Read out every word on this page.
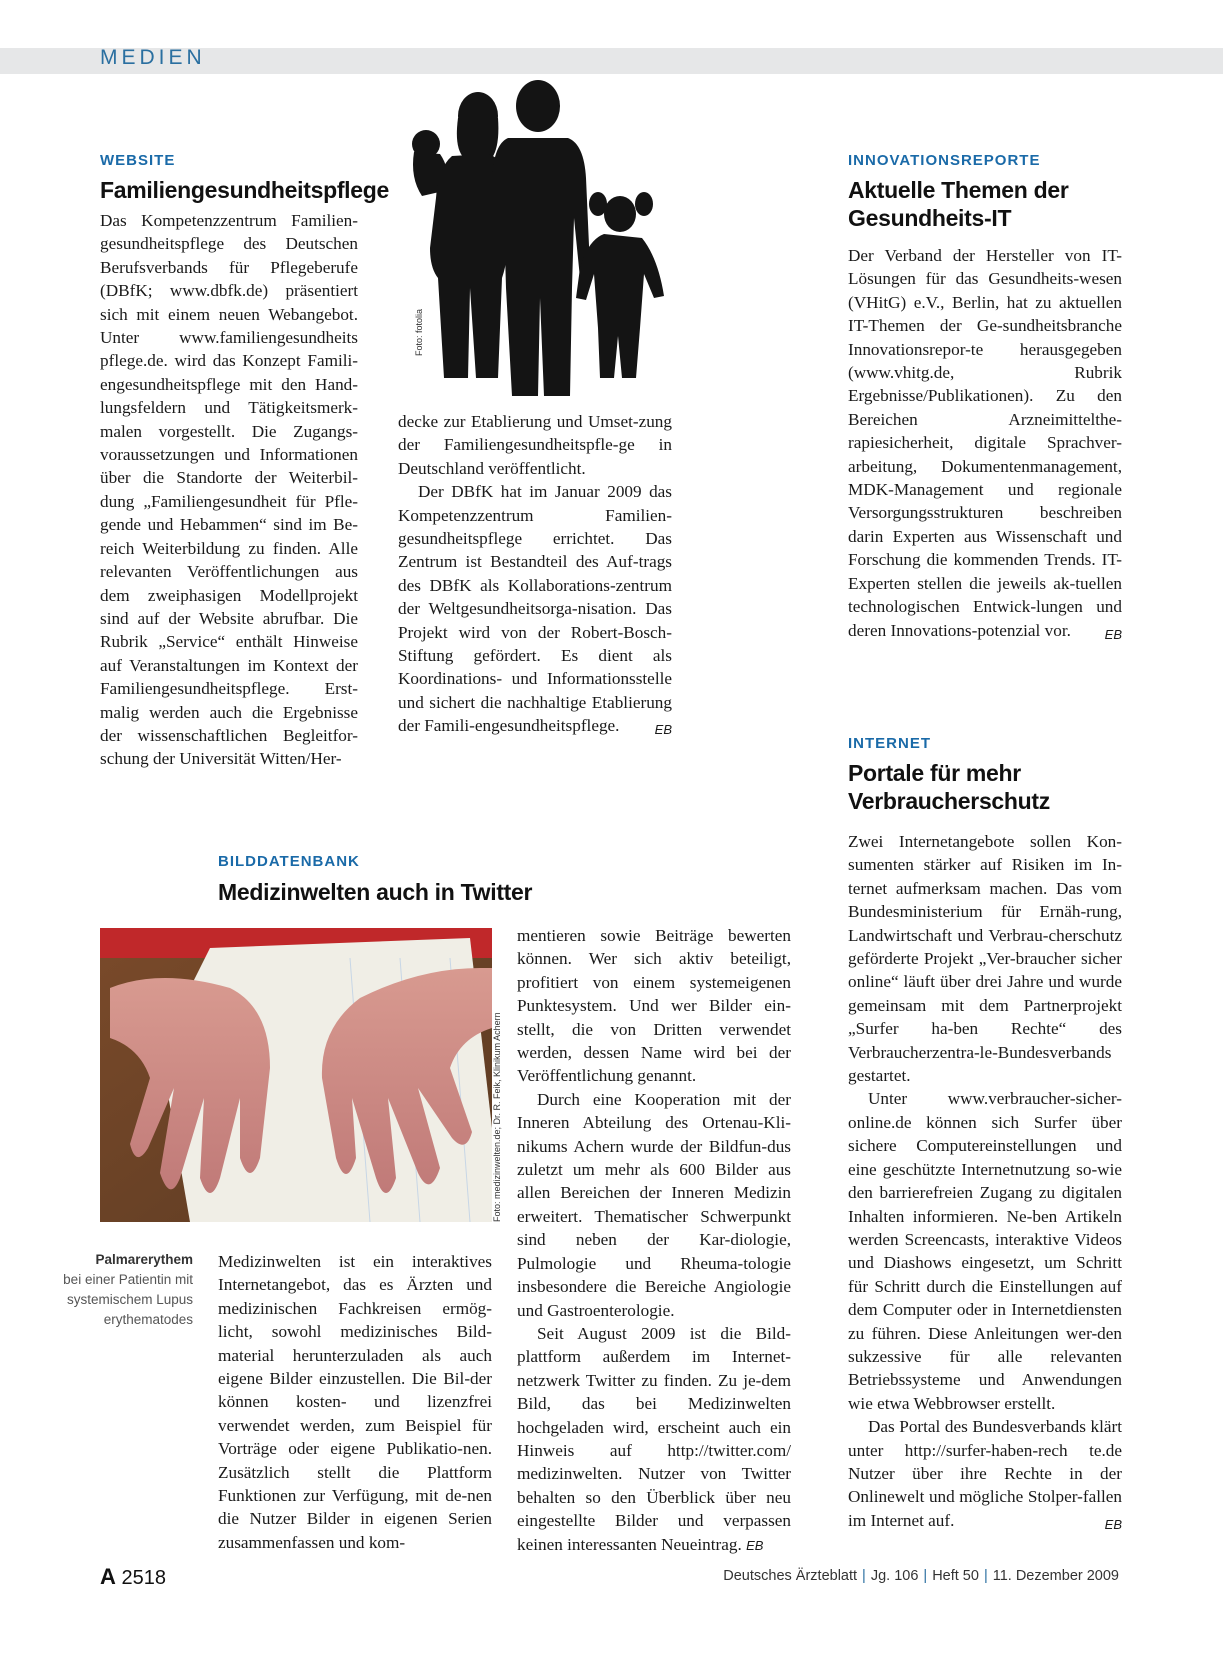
MEDIEN
WEBSITE
Familiengesundheitspflege
Foto: fotolia
Das Kompetenzzentrum Familien-gesundheitspflege des Deutschen Berufsverbands für Pflegeberufe (DBfK; www.dbfk.de) präsentiert sich mit einem neuen Webangebot. Unter www.familiengesundheits pflege.de. wird das Konzept Famili-engesundheitspflege mit den Hand-lungsfeldern und Tätigkeitsmerk-malen vorgestellt. Die Zugangs-voraussetzungen und Informationen über die Standorte der Weiterbil-dung „Familiengesundheit für Pfle-gende und Hebammen“ sind im Be-reich Weiterbildung zu finden. Alle relevanten Veröffentlichungen aus dem zweiphasigen Modellprojekt sind auf der Website abrufbar. Die Rubrik „Service“ enthält Hinweise auf Veranstaltungen im Kontext der Familiengesundheitspflege. Erst-malig werden auch die Ergebnisse der wissenschaftlichen Begleitfor-schung der Universität Witten/Her-

decke zur Etablierung und Umset-zung der Familiengesundheitspfle-ge in Deutschland veröffentlicht.

Der DBfK hat im Januar 2009 das Kompetenzzentrum Familien-gesundheitspflege errichtet. Das Zentrum ist Bestandteil des Auf-trags des DBfK als Kollaborations-zentrum der Weltgesundheitsorga-nisation. Das Projekt wird von der Robert-Bosch-Stiftung gefördert. Es dient als Koordinations- und Informationsstelle und sichert die nachhaltige Etablierung der Famili-engesundheitspflege.	EB

BILDDATENBANK
Medizinwelten auch in Twitter
Foto: medizinwelten.de; Dr. R. Feik, Klinikum Achern
Palmarerythem
bei einer Patientin mit systemischem Lupus erythematodes
Medizinwelten ist ein interaktives Internetangebot, das es Ärzten und medizinischen Fachkreisen ermög-licht, sowohl medizinisches Bild-material herunterzuladen als auch eigene Bilder einzustellen. Die Bil-der können kosten- und lizenzfrei verwendet werden, zum Beispiel für Vorträge oder eigene Publikatio-nen. Zusätzlich stellt die Plattform Funktionen zur Verfügung, mit de-nen die Nutzer Bilder in eigenen Serien zusammenfassen und kom-

mentieren sowie Beiträge bewerten können. Wer sich aktiv beteiligt, profitiert von einem systemeigenen Punktesystem. Und wer Bilder ein-stellt, die von Dritten verwendet werden, dessen Name wird bei der Veröffentlichung genannt.

Durch eine Kooperation mit der Inneren Abteilung des Ortenau-Kli-nikums Achern wurde der Bildfun-dus zuletzt um mehr als 600 Bilder aus allen Bereichen der Inneren Medizin erweitert. Thematischer Schwerpunkt sind neben der Kar-diologie, Pulmologie und Rheuma-tologie insbesondere die Bereiche Angiologie und Gastroenterologie.

Seit August 2009 ist die Bild-plattform außerdem im Internet-netzwerk Twitter zu finden. Zu je-dem Bild, das bei Medizinwelten hochgeladen wird, erscheint auch ein Hinweis auf http://twitter.com/ medizinwelten. Nutzer von Twitter behalten so den Überblick über neu eingestellte Bilder und verpassen keinen interessanten Neueintrag. EB

INNOVATIONSREPORTE
Aktuelle Themen der Gesundheits-IT

Der Verband der Hersteller von IT-Lösungen für das Gesundheits-wesen (VHitG) e.V., Berlin, hat zu aktuellen IT-Themen der Ge-sundheitsbranche Innovationsrepor-te herausgegeben (www.vhitg.de, Rubrik Ergebnisse/Publikationen). Zu den Bereichen Arzneimittelthe-rapiesicherheit, digitale Sprachver-arbeitung, Dokumentenmanagement, MDK-Management und regionale Versorgungsstrukturen beschreiben darin Experten aus Wissenschaft und Forschung die kommenden Trends. IT-Experten stellen die jeweils ak-tuellen technologischen Entwick-lungen und deren Innovations-potenzial vor.	EB

INTERNET
Portale für mehr Verbraucherschutz

Zwei Internetangebote sollen Kon-sumenten stärker auf Risiken im In-ternet aufmerksam machen. Das vom Bundesministerium für Ernäh-rung, Landwirtschaft und Verbrau-cherschutz geförderte Projekt „Ver-braucher sicher online“ läuft über drei Jahre und wurde gemeinsam mit dem Partnerprojekt „Surfer ha-ben Rechte“ des Verbraucherzentra-le-Bundesverbands gestartet.

Unter www.verbraucher-sicher-online.de können sich Surfer über sichere Computereinstellungen und eine geschützte Internetnutzung so-wie den barrierefreien Zugang zu digitalen Inhalten informieren. Ne-ben Artikeln werden Screencasts, interaktive Videos und Diashows eingesetzt, um Schritt für Schritt durch die Einstellungen auf dem Computer oder in Internetdiensten zu führen. Diese Anleitungen wer-den sukzessive für alle relevanten Betriebssysteme und Anwendungen wie etwa Webbrowser erstellt.

Das Portal des Bundesverbands klärt unter http://surfer-haben-rech te.de Nutzer über ihre Rechte in der Onlinewelt und mögliche Stolper-fallen im Internet auf.	EB

A 2518	Deutsches Ärzteblatt | Jg. 106 | Heft 50 | 11. Dezember 2009
